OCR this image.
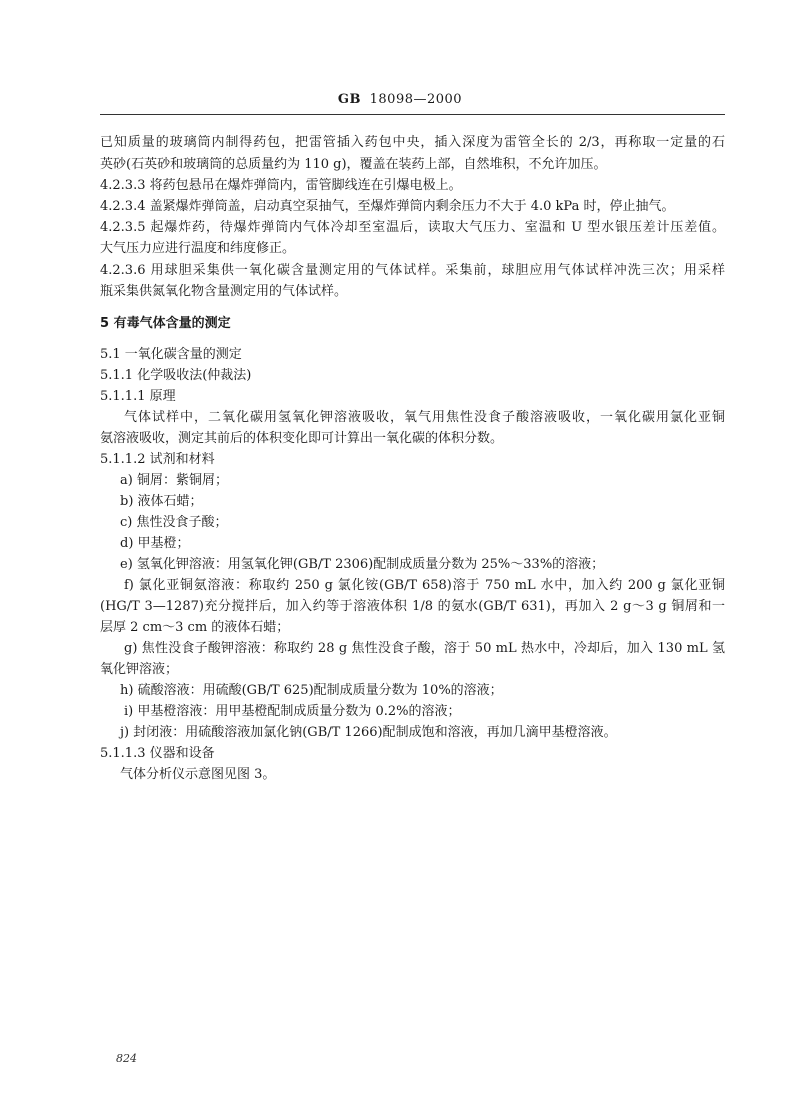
GB 18098—2000
已知质量的玻璃筒内制得药包，把雷管插入药包中央，插入深度为雷管全长的 2/3，再称取一定量的石
英砂(石英砂和玻璃筒的总质量约为 110 g)，覆盖在装药上部，自然堆积，不允许加压。
4.2.3.3 将药包悬吊在爆炸弹筒内，雷管脚线连在引爆电极上。
4.2.3.4 盖紧爆炸弹筒盖，启动真空泵抽气，至爆炸弹筒内剩余压力不大于 4.0 kPa 时，停止抽气。
4.2.3.5 起爆炸药，待爆炸弹筒内气体冷却至室温后，读取大气压力、室温和 U 型水银压差计压差值。
大气压力应进行温度和纬度修正。
4.2.3.6 用球胆采集供一氧化碳含量测定用的气体试样。采集前，球胆应用气体试样冲洗三次；用采样
瓶采集供氮氧化物含量测定用的气体试样。
5 有毒气体含量的测定
5.1 一氧化碳含量的测定
5.1.1 化学吸收法(仲裁法)
5.1.1.1 原理
气体试样中，二氧化碳用氢氧化钾溶液吸收，氧气用焦性没食子酸溶液吸收，一氧化碳用氯化亚铜
氨溶液吸收，测定其前后的体积变化即可计算出一氧化碳的体积分数。
5.1.1.2 试剂和材料
a) 铜屑：紫铜屑；
b) 液体石蜡；
c) 焦性没食子酸；
d) 甲基橙；
e) 氢氧化钾溶液：用氢氧化钾(GB/T 2306)配制成质量分数为 25%～33%的溶液；
f) 氯化亚铜氨溶液：称取约 250 g 氯化铵(GB/T 658)溶于 750 mL 水中，加入约 200 g 氯化亚铜
(HG/T 3—1287)充分搅拌后，加入约等于溶液体积 1/8 的氨水(GB/T 631)，再加入 2 g～3 g 铜屑和一
层厚 2 cm～3 cm 的液体石蜡；
g) 焦性没食子酸钾溶液：称取约 28 g 焦性没食子酸，溶于 50 mL 热水中，冷却后，加入 130 mL 氢
氧化钾溶液；
h) 硫酸溶液：用硫酸(GB/T 625)配制成质量分数为 10%的溶液；
i) 甲基橙溶液：用甲基橙配制成质量分数为 0.2%的溶液；
j) 封闭液：用硫酸溶液加氯化钠(GB/T 1266)配制成饱和溶液，再加几滴甲基橙溶液。
5.1.1.3 仪器和设备
气体分析仪示意图见图 3。
824
